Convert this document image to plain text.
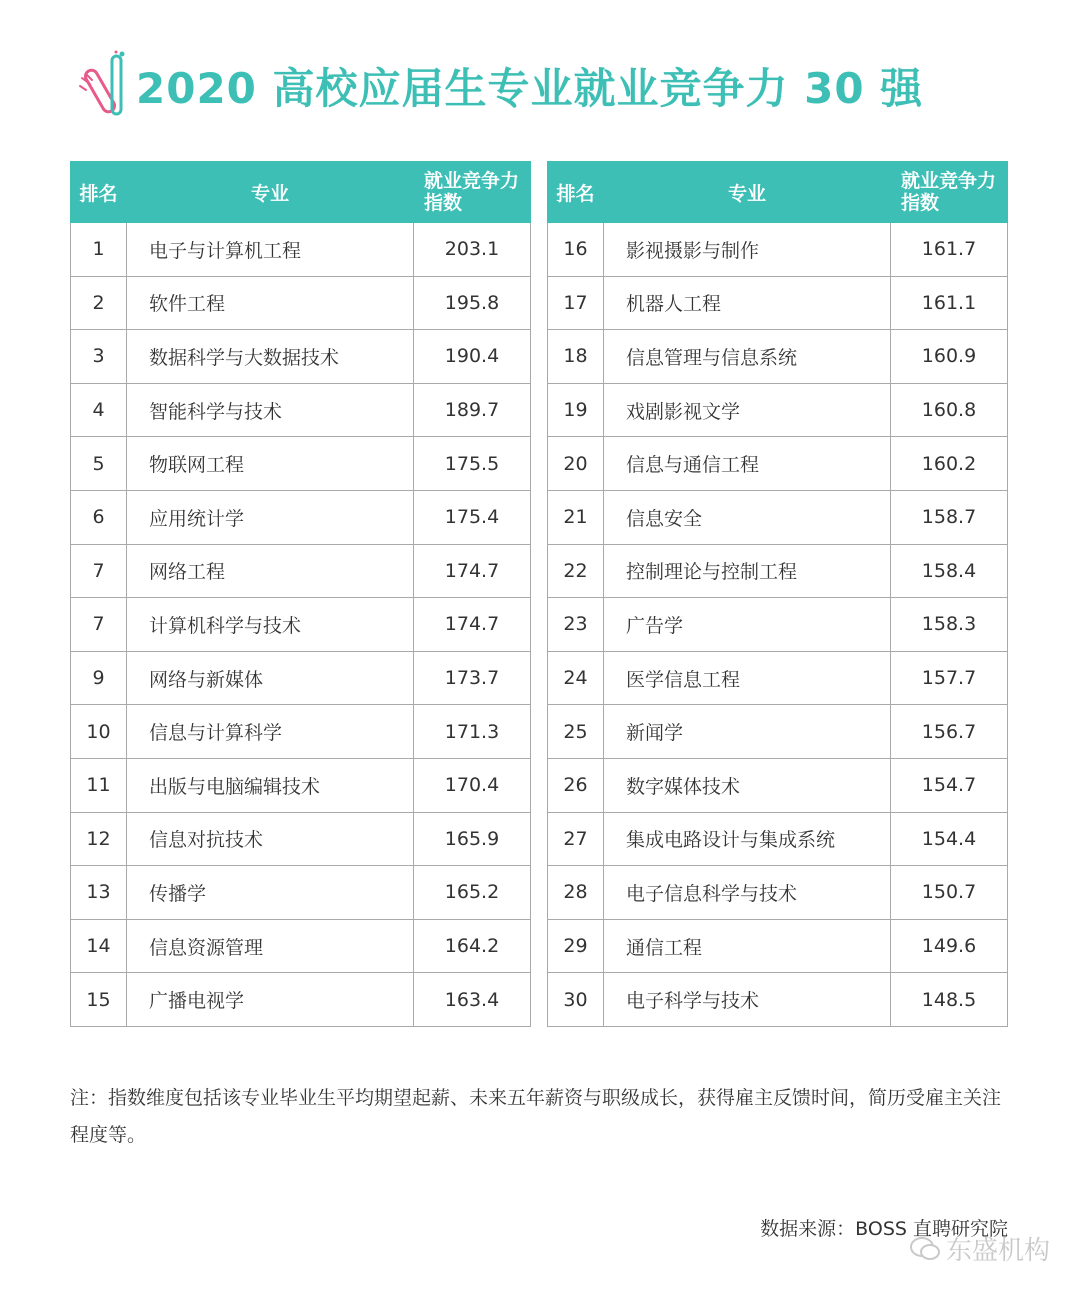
2020 高校应届生专业就业竞争力 30 强
排名	专业	就业竞争力
指数
1	电子与计算机工程	203.1
2	软件工程	195.8
3	数据科学与大数据技术	190.4
4	智能科学与技术	189.7
5	物联网工程	175.5
6	应用统计学	175.4
7	网络工程	174.7
7	计算机科学与技术	174.7
9	网络与新媒体	173.7
10	信息与计算科学	171.3
11	出版与电脑编辑技术	170.4
12	信息对抗技术	165.9
13	传播学	165.2
14	信息资源管理	164.2
15	广播电视学	163.4
排名	专业	就业竞争力
指数
16	影视摄影与制作	161.7
17	机器人工程	161.1
18	信息管理与信息系统	160.9
19	戏剧影视文学	160.8
20	信息与通信工程	160.2
21	信息安全	158.7
22	控制理论与控制工程	158.4
23	广告学	158.3
24	医学信息工程	157.7
25	新闻学	156.7
26	数字媒体技术	154.7
27	集成电路设计与集成系统	154.4
28	电子信息科学与技术	150.7
29	通信工程	149.6
30	电子科学与技术	148.5
注：指数维度包括该专业毕业生平均期望起薪、未来五年薪资与职级成长，获得雇主反馈时间，简历受雇主关注程度等。
数据来源：BOSS 直聘研究院
东盛机构
